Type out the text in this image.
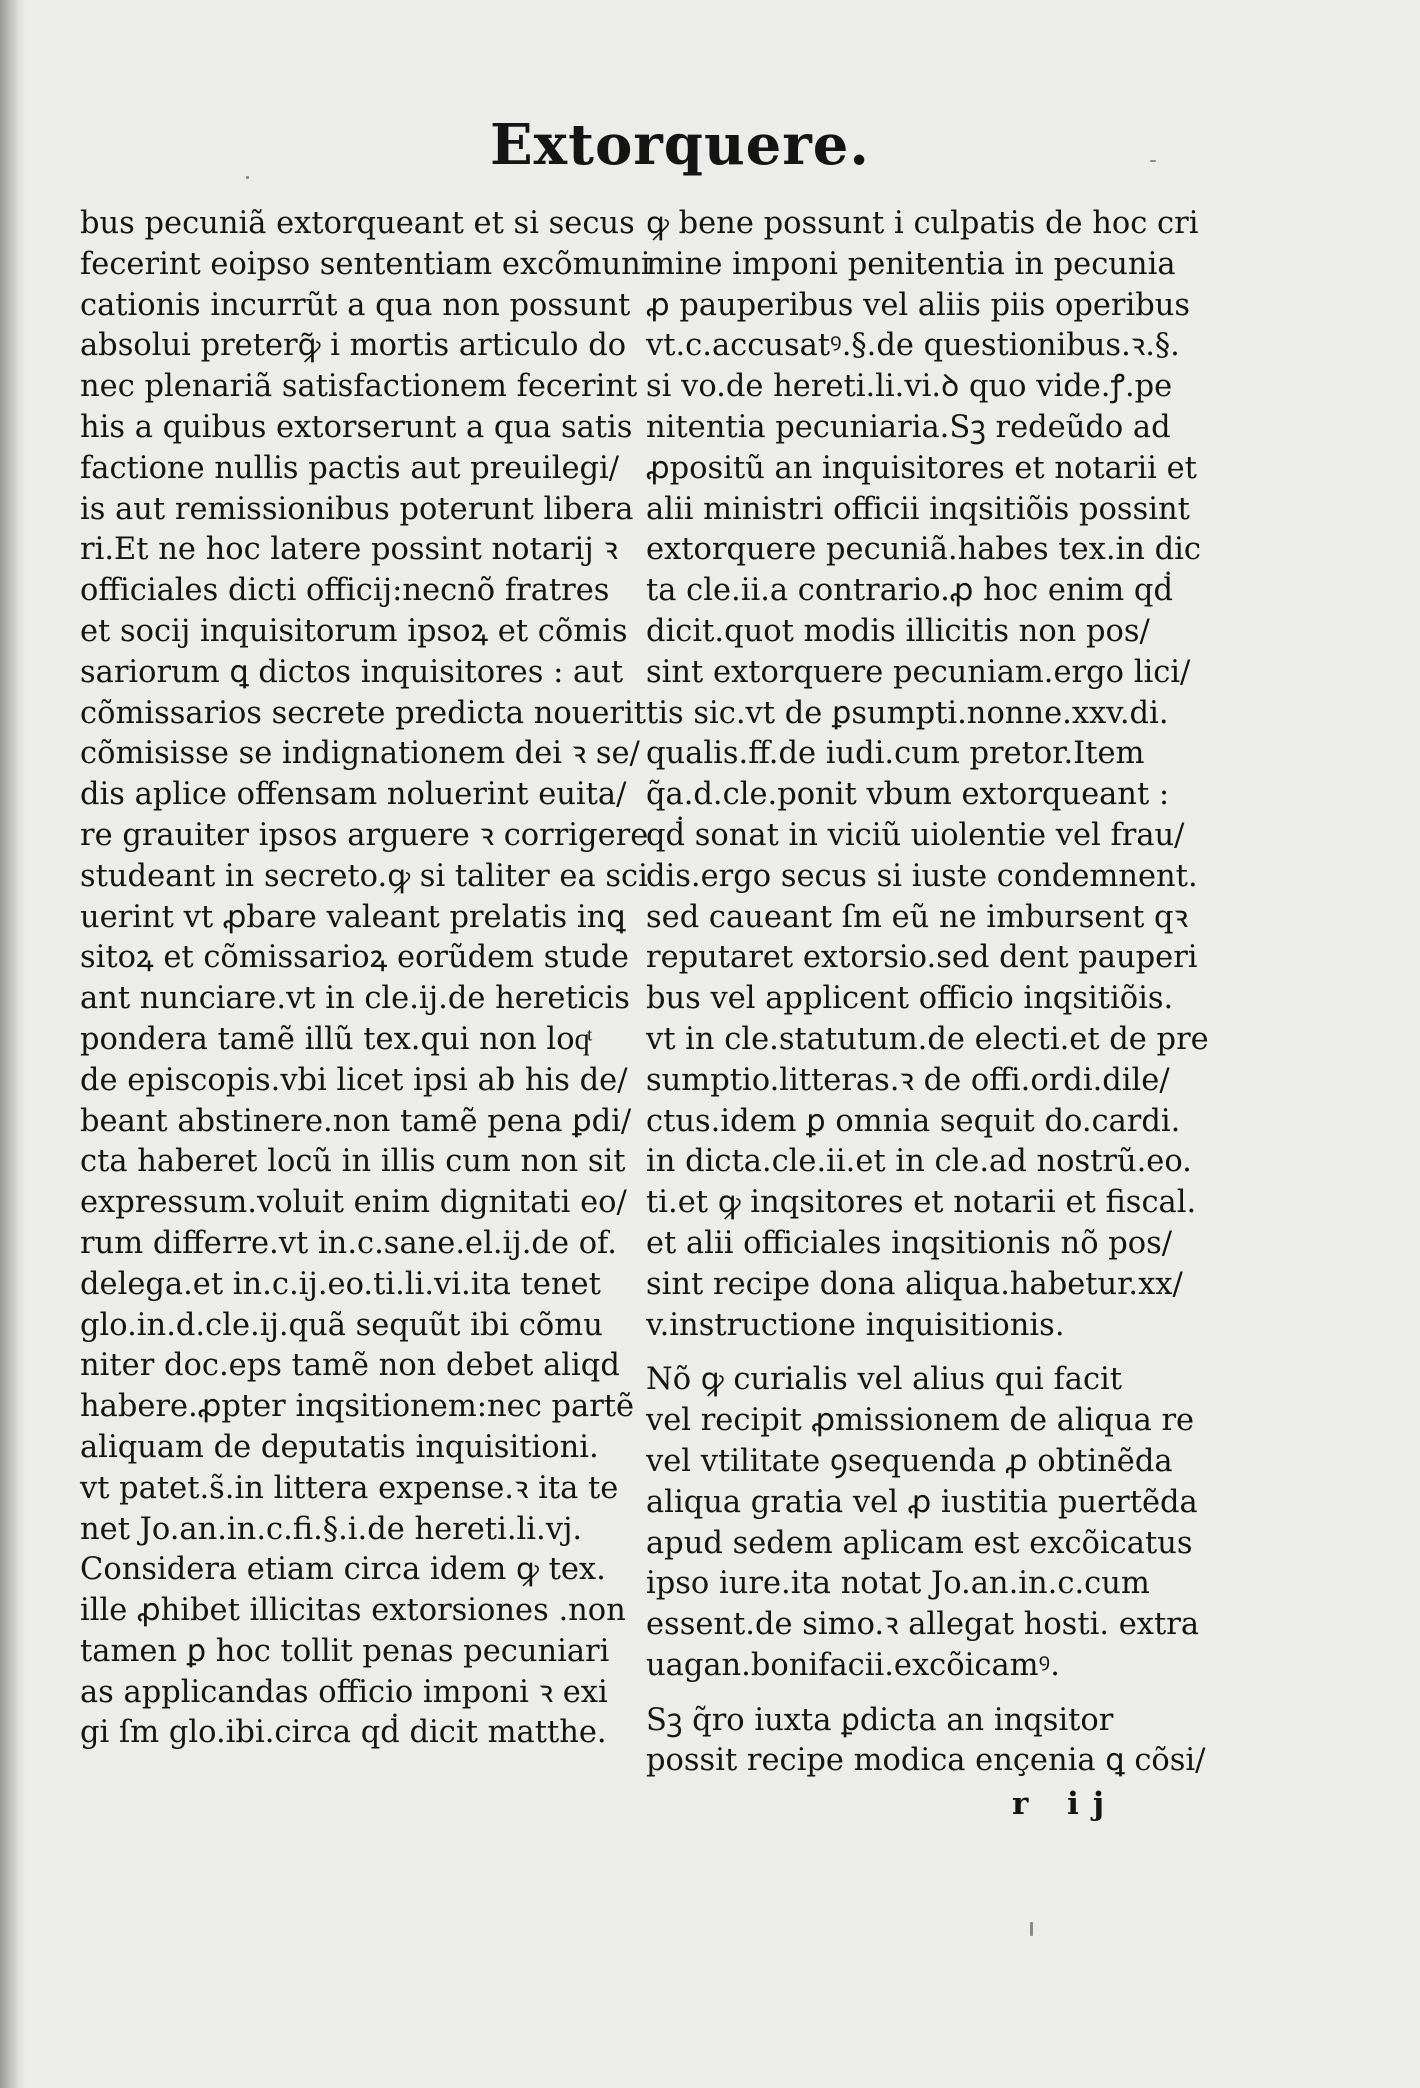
Extorquere.
bus pecuniã extorqueant et si secus
fecerint eoipso sententiam excõmuni
cationis incurrũt a qua non possunt
absolui preterꝙ̃ i mortis articulo do
nec plenariã satisfactionem fecerint
his a quibus extorserunt a qua satis
factione nullis pactis aut preuilegi/
is aut remissionibus poterunt libera
ri.Et ne hoc latere possint notarij ꝛ
officiales dicti officij:necnõ fratres
et socij inquisitorum ipsoꝝ et cõmis
sariorum ꝗ dictos inquisitores : aut
cõmissarios secrete predicta nouerit
cõmisisse se indignationem dei ꝛ se/
dis aplice offensam noluerint euita/
re grauiter ipsos arguere ꝛ corrigere
studeant in secreto.ꝙ si taliter ea sci
uerint vt ꝓbare valeant prelatis inꝗ
sitoꝝ et cõmissarioꝝ eorũdem stude
ant nunciare.vt in cle.ij.de hereticis
pondera tamẽ illũ tex.qui non loqͭ
de episcopis.vbi licet ipsi ab his de/
beant abstinere.non tamẽ pena ꝑdi/
cta haberet locũ in illis cum non sit
expressum.voluit enim dignitati eo/
rum differre.vt in.c.sane.el.ij.de of.
delega.et in.c.ij.eo.ti.li.vi.ita tenet
glo.in.d.cle.ij.quã sequũt ibi cõmu
niter doc.eps tamẽ non debet aliqd
habere.ꝓpter inqsitionem:nec partẽ
aliquam de deputatis inquisitioni.
vt patet.s̃.in littera expense.ꝛ ita te
net Jo.an.in.c.fi.§.i.de hereti.li.vj.
Considera etiam circa idem ꝙ tex.
ille ꝓhibet illicitas extorsiones .non
tamen ꝑ hoc tollit penas pecuniari
as applicandas officio imponi ꝛ exi
gi ſm glo.ibi.circa qḋ dicit matthe.
ꝙ bene possunt i culpatis de hoc cri
mine imponi penitentia in pecunia
ꝓ pauperibus vel aliis piis operibus
vt.c.accusatꝰ.§.de questionibus.ꝛ.§.
si vo.de hereti.li.vi.ꝺ quo vide.ꝭ.pe
nitentia pecuniaria.Sꝫ redeũdo ad
ꝓpositũ an inquisitores et notarii et
alii ministri officii inqsitiõis possint
extorquere pecuniã.habes tex.in dic
ta cle.ii.a contrario.ꝓ hoc enim qḋ
dicit.quot modis illicitis non pos/
sint extorquere pecuniam.ergo lici/
tis sic.vt de ꝑsumpti.nonne.xxv.di.
qualis.ff.de iudi.cum pretor.Item
q̃a.d.cle.ponit vbum extorqueant :
qḋ sonat in viciũ uiolentie vel frau/
dis.ergo secus si iuste condemnent.
sed caueant ſm eũ ne imbursent qꝛ
reputaret extorsio.sed dent pauperi
bus vel applicent officio inqsitiõis.
vt in cle.statutum.de electi.et de pre
sumptio.litteras.ꝛ de offi.ordi.dile/
ctus.idem ꝑ omnia sequit do.cardi.
in dicta.cle.ii.et in cle.ad nostrũ.eo.
ti.et ꝙ inqsitores et notarii et fiscal.
et alii officiales inqsitionis nõ pos/
sint recipe dona aliqua.habetur.xx/
v.instructione inquisitionis.
Nõ ꝙ curialis vel alius qui facit
vel recipit ꝓmissionem de aliqua re
vel vtilitate ꝯsequenda ꝓ obtinẽda
aliqua gratia vel ꝓ iustitia puertẽda
apud sedem aplicam est excõicatus
ipso iure.ita notat Jo.an.in.c.cum
essent.de simo.ꝛ allegat hosti. extra
uagan.bonifacii.excõicamꝰ.
Sꝫ q̃ro iuxta ꝑdicta an inqsitor
possit recipe modica ençenia ꝗ cõsi/
r ij
